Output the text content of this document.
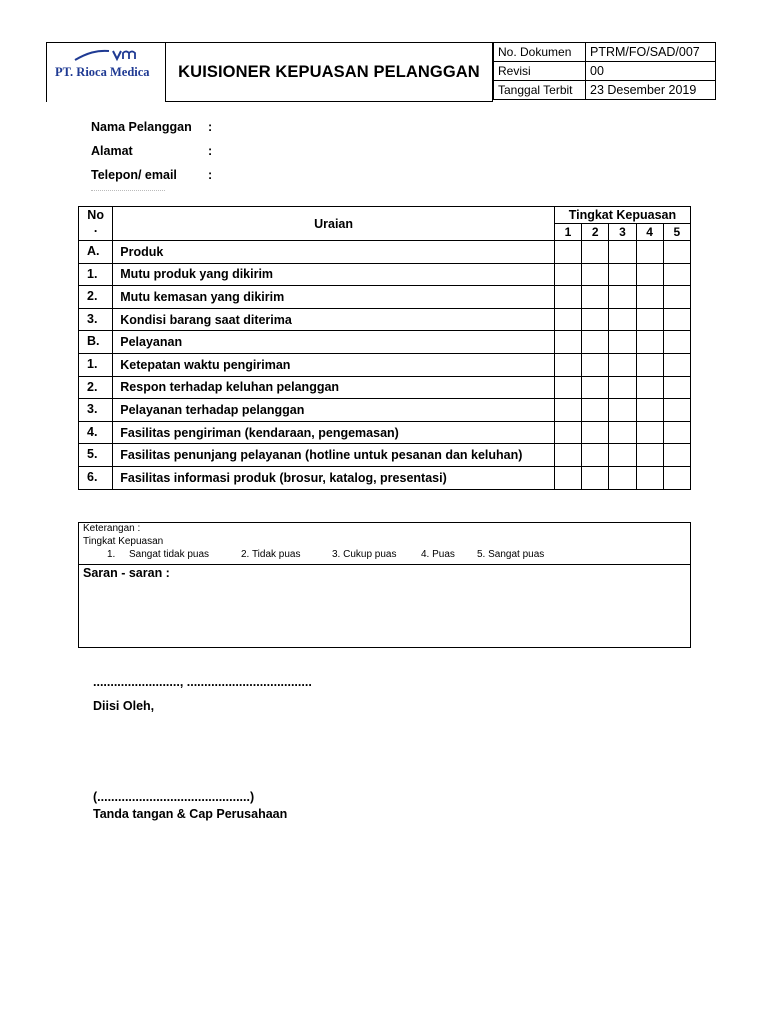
PT. Rioca Medica KUISIONER KEPUASAN PELANGGAN
No. Dokumen	PTRM/FO/SAD/007
Revisi	00
Tanggal Terbit	23 Desember 2019
Nama Pelanggan :
Alamat	:
Telepon/ email :
No
.	Uraian	Tingkat Kepuasan				
		1	2	3	4	5
A.	Produk					
1.	Mutu produk yang dikirim					
2.	Mutu kemasan yang dikirim					
3.	Kondisi barang saat diterima					
B.	Pelayanan					
1.	Ketepatan waktu pengiriman					
2.	Respon terhadap keluhan pelanggan					
3.	Pelayanan terhadap pelanggan					
4.	Fasilitas pengiriman (kendaraan, pengemasan)					
5.	Fasilitas penunjang pelayanan (hotline untuk pesanan dan keluhan)					
6.	Fasilitas informasi produk (brosur, katalog, presentasi)					
Keterangan :
Tingkat Kepuasan
1.	Sangat tidak puas	2. Tidak puas	3. Cukup puas	4. Puas	5. Sangat puas
Saran - saran :
........................., ....................................
Diisi Oleh,
(............................................)
Tanda tangan & Cap Perusahaan
